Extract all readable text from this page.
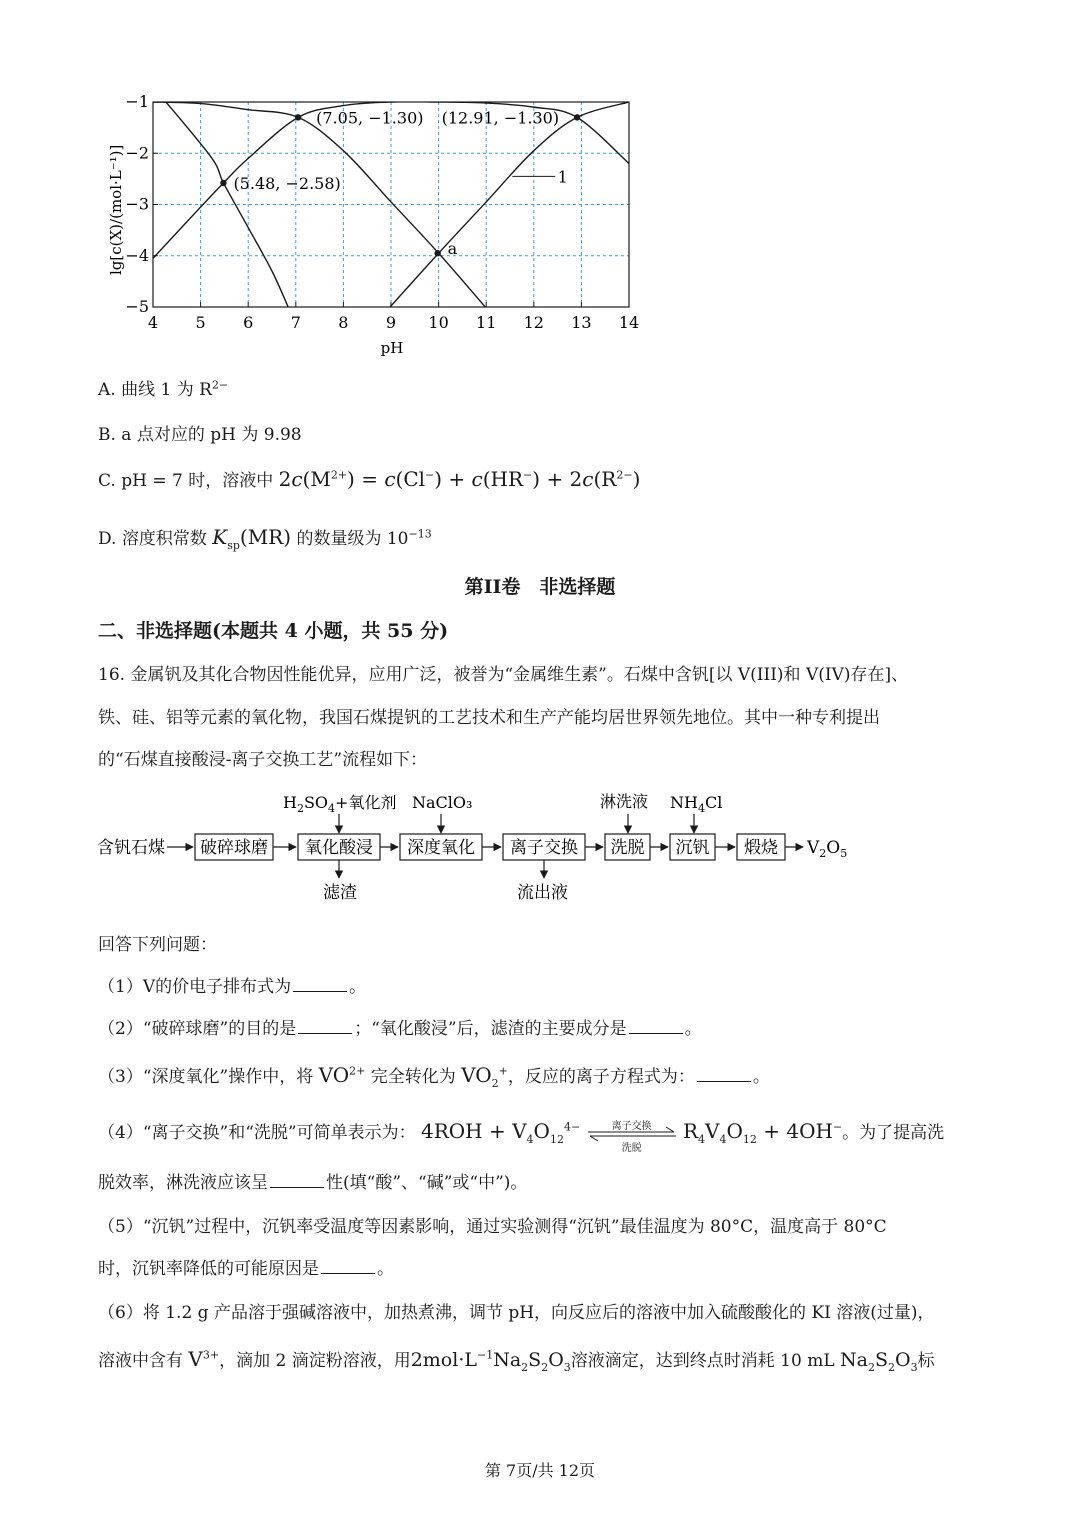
4 5 6 7 8 9 10 11 12 13 14
−1
−2
−3
−4
−5
(5.48, −2.58)
(7.05, −1.30) (12.91, −1.30)
a
1
lg[c(X)/(mol·L⁻¹)]
pH
A. 曲线 1 为 $R^{2-}$
B. a 点对应的 pH 为 9.98
C. pH = 7 时，溶液中 $2c(M^{2+}) = c(Cl^-) + c(HR^-) + 2c(R^{2-})$
D. 溶度积常数 $K_{sp}(MR)$ 的数量级为 $10^{-13}$
第II卷　非选择题
二、非选择题(本题共 4 小题，共 55 分)
16. 金属钒及其化合物因性能优异，应用广泛，被誉为“金属维生素”。石煤中含钒[以 V(III)和 V(IV)存在]、
铁、硅、铝等元素的氧化物，我国石煤提钒的工艺技术和生产产能均居世界领先地位。其中一种专利提出
的“石煤直接酸浸-离子交换工艺”流程如下：
含钒石煤 破碎球磨 氧化酸浸 深度氧化 离子交换 洗脱 沉钒 煅烧
$H_2SO_4+$氧化剂 NaClO₃	淋洗液 $NH_4Cl$
滤渣	流出液
$V_2O_5$
回答下列问题：
（1）V的价电子排布式为	。
（2）“破碎球磨”的目的是	；“氧化酸浸”后，滤渣的主要成分是	。
（3）“深度氧化”操作中，将 $VO^{2+}$ 完全转化为 $VO_2^+$，反应的离子方程式为：	。
（4）“离子交换”和“洗脱”可简单表示为： $4ROH + V_4O_{12}^{4-}$	离子交换
洗脱
$R_4V_4O_{12} + 4OH^-$。为了提高洗
脱效率，淋洗液应该呈	性(填“酸”、“碱”或“中”)。
（5）“沉钒”过程中，沉钒率受温度等因素影响，通过实验测得“沉钒”最佳温度为 80°C，温度高于 80°C
时，沉钒率降低的可能原因是	。
（6）将 1.2 g 产品溶于强碱溶液中，加热煮沸，调节 pH，向反应后的溶液中加入硫酸酸化的 KI 溶液(过量)，
溶液中含有 $V^{3+}$，滴加 2 滴淀粉溶液，用$2mol\cdot L^{-1}Na_2S_2O_3$溶液滴定，达到终点时消耗 10 mL $Na_2S_2O_3$标
第 7页/共 12页
